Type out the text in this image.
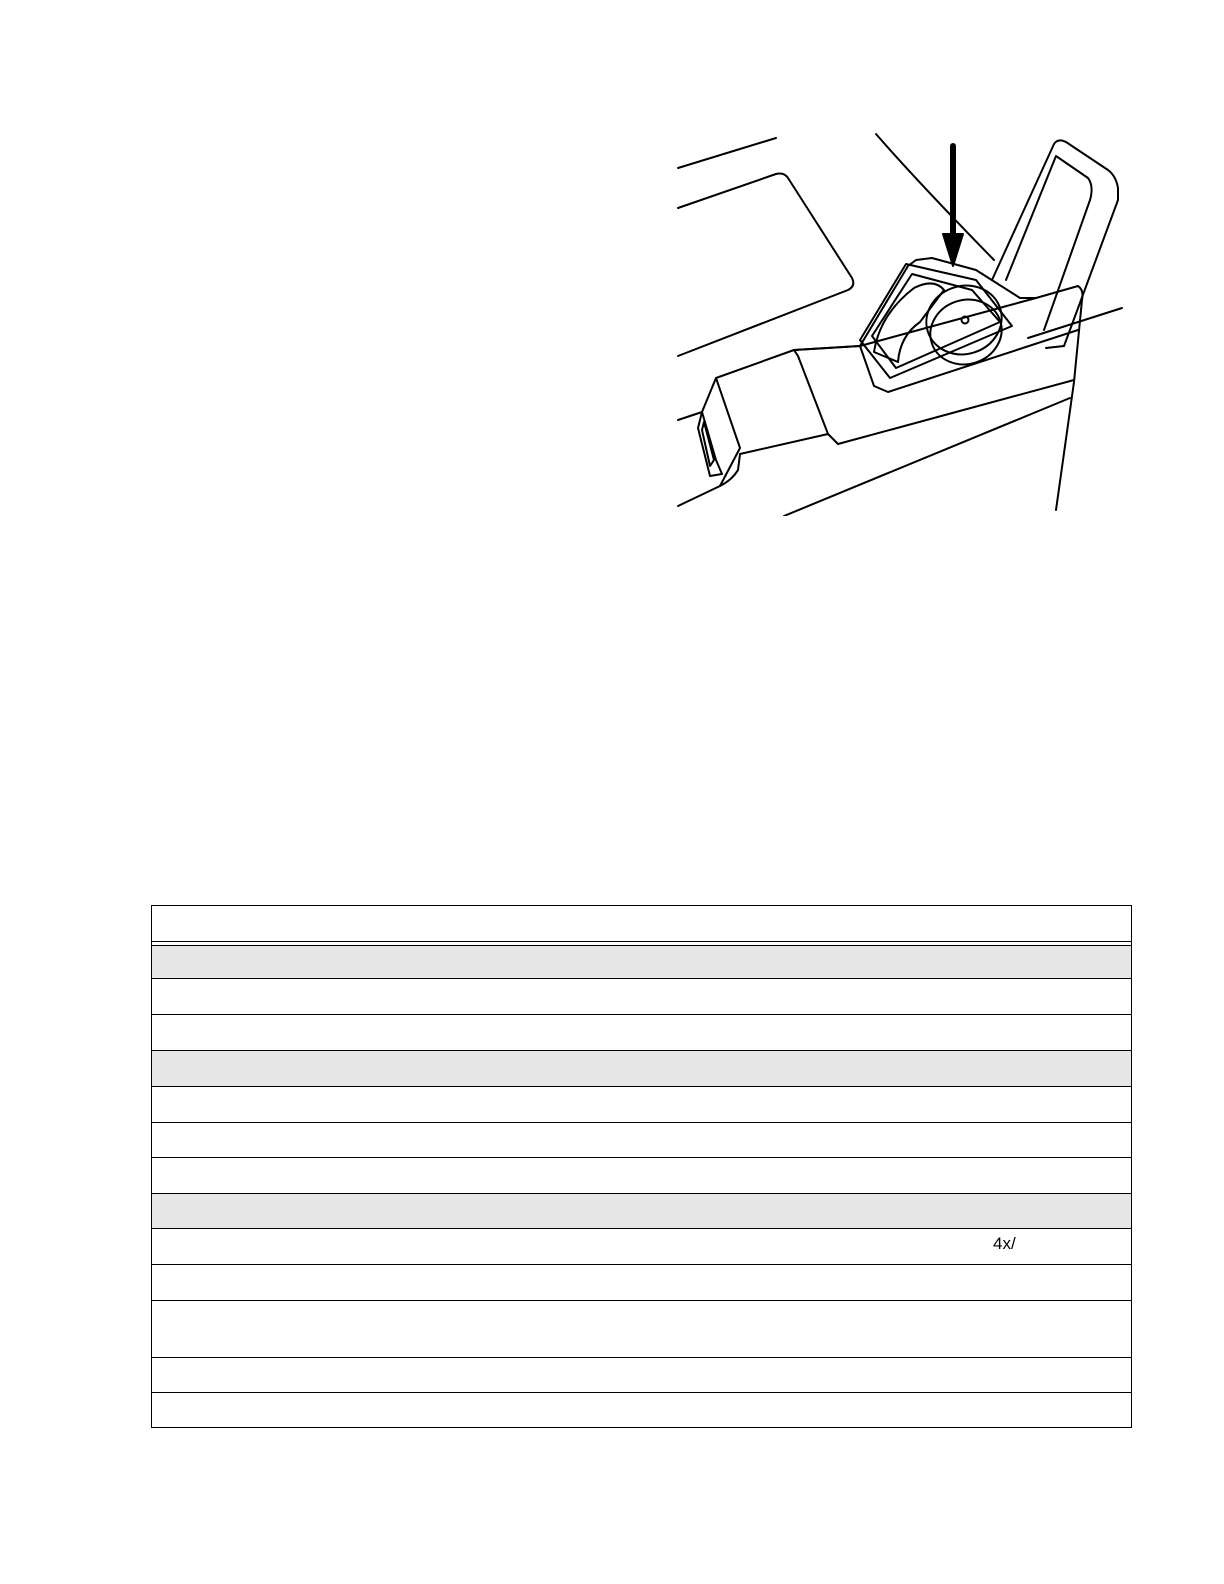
4x/
